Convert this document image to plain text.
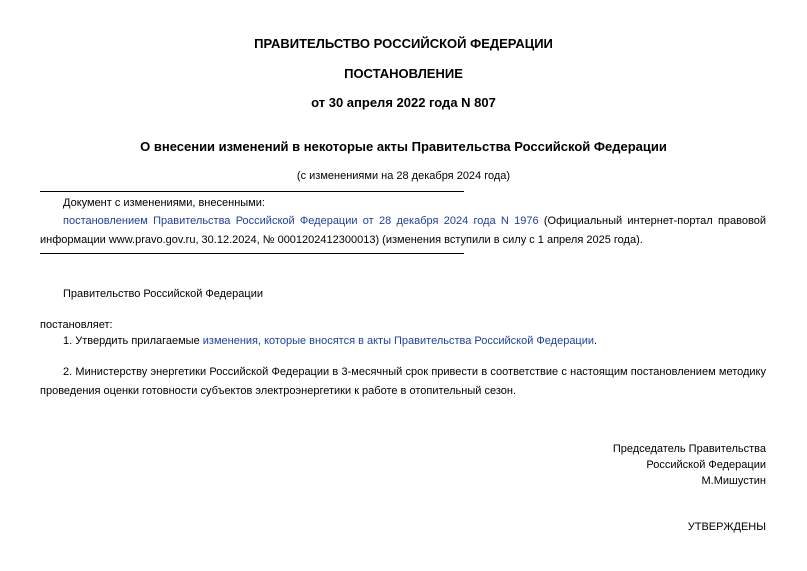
ПРАВИТЕЛЬСТВО РОССИЙСКОЙ ФЕДЕРАЦИИ
ПОСТАНОВЛЕНИЕ
от 30 апреля 2022 года N 807
О внесении изменений в некоторые акты Правительства Российской Федерации
(с изменениями на 28 декабря 2024 года)
Документ с изменениями, внесенными:
постановлением Правительства Российской Федерации от 28 декабря 2024 года N 1976 (Официальный интернет-портал правовой информации www.pravo.gov.ru, 30.12.2024, № 0001202412300013) (изменения вступили в силу с 1 апреля 2025 года).
Правительство Российской Федерации
постановляет:
1. Утвердить прилагаемые изменения, которые вносятся в акты Правительства Российской Федерации.
2. Министерству энергетики Российской Федерации в 3-месячный срок привести в соответствие с настоящим постановлением методику проведения оценки готовности субъектов электроэнергетики к работе в отопительный сезон.
Председатель Правительства
Российской Федерации
М.Мишустин
УТВЕРЖДЕНЫ
